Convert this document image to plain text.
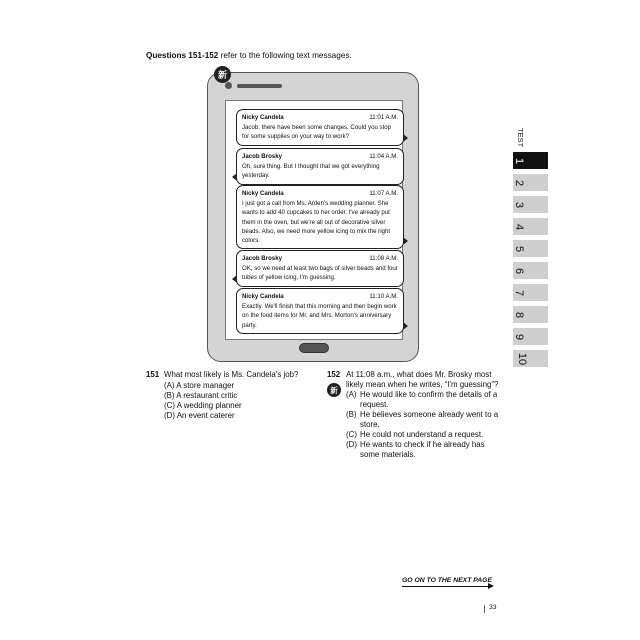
Questions 151-152 refer to the following text messages.
新
Nicky Candela	11:01 A.M.
Jacob, there have been some changes. Could you stop for some supplies on your way to work?
Jacob Brosky	11:04 A.M.
Oh, sure thing. But I thought that we got everything yesterday.
Nicky Candela	11:07 A.M.
I just got a call from Ms. Arden's wedding planner. She wants to add 40 cupcakes to her order. I've already put them in the oven, but we're all out of decorative silver beads. Also, we need more yellow icing to mix the right colors.
Jacob Brosky	11:08 A.M.
OK, so we need at least two bags of silver beads and four tubes of yellow icing, I'm guessing.
Nicky Candela	11:10 A.M.
Exactly. We'll finish that this morning and then begin work on the food items for Mr. and Mrs. Morton's anniversary party.
TEST
1
2
3
4
5
6
7
8
9
10
151 What most likely is Ms. Candela's job?
(A) A store manager
(B) A restaurant critic
(C) A wedding planner
(D) An event caterer
新
152 At 11:08 a.m., what does Mr. Brosky most
likely mean when he writes, “I'm guessing”?
(A) He would like to confirm the details of a
request.
(B) He believes someone already went to a
store.
(C) He could not understand a request.
(D) He wants to check if he already has
some materials.
GO ON TO THE NEXT PAGE
33
